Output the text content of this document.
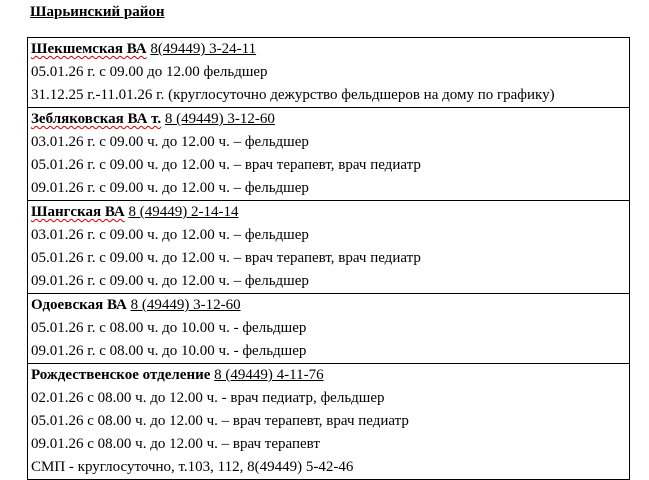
Шарьинский район
Шекшемская ВА 8(49449) 3-24-11
05.01.26 г. с 09.00 до 12.00 фельдшер
31.12.25 г.-11.01.26 г. (круглосуточно дежурство фельдшеров на дому по графику)

Зебляковская ВА т. 8 (49449) 3-12-60
03.01.26 г. с 09.00 ч. до 12.00 ч. – фельдшер
05.01.26 г. с 09.00 ч. до 12.00 ч. – врач терапевт, врач педиатр
09.01.26 г. с 09.00 ч. до 12.00 ч. – фельдшер

Шангская ВА 8 (49449) 2-14-14
03.01.26 г. с 09.00 ч. до 12.00 ч. – фельдшер
05.01.26 г. с 09.00 ч. до 12.00 ч. – врач терапевт, врач педиатр
09.01.26 г. с 09.00 ч. до 12.00 ч. – фельдшер

Одоевская ВА 8 (49449) 3-12-60
05.01.26 г. с 08.00 ч. до 10.00 ч. - фельдшер
09.01.26 г. с 08.00 ч. до 10.00 ч. - фельдшер

Рождественское отделение 8 (49449) 4-11-76
02.01.26 с 08.00 ч. до 12.00 ч. - врач педиатр, фельдшер
05.01.26 с 08.00 ч. до 12.00 ч. – врач терапевт, врач педиатр
09.01.26 с 08.00 ч. до 12.00 ч. – врач терапевт
СМП - круглосуточно, т.103, 112, 8(49449) 5-42-46
